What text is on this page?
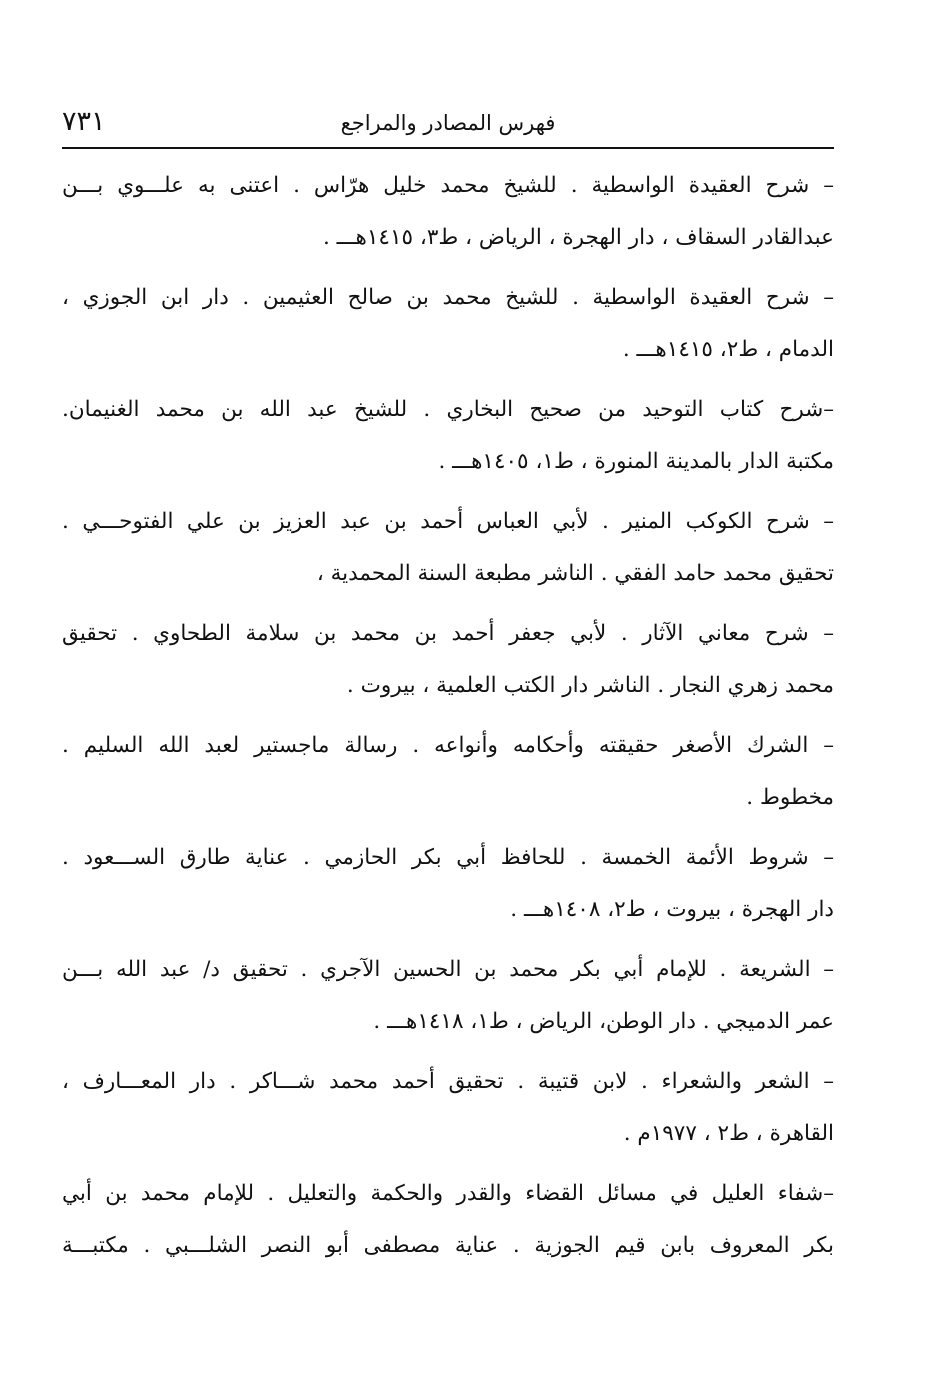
٧٣١	فهرس المصادر والمراجع
– شرح العقيدة الواسطية . للشيخ محمد خليل هرّاس . اعتنى به علـــوي بـــن
عبدالقادر السقاف ، دار الهجرة ، الرياض ، ط٣، ١٤١٥هـــ .
– شرح العقيدة الواسطية . للشيخ محمد بن صالح العثيمين . دار ابن الجوزي ،
الدمام ، ط٢، ١٤١٥هـــ .
–شرح كتاب التوحيد من صحيح البخاري . للشيخ عبد الله بن محمد الغنيمان.
مكتبة الدار بالمدينة المنورة ، ط١، ١٤٠٥هـــ .
– شرح الكوكب المنير . لأبي العباس أحمد بن عبد العزيز بن علي الفتوحـــي .
تحقيق محمد حامد الفقي . الناشر مطبعة السنة المحمدية ،
– شرح معاني الآثار . لأبي جعفر أحمد بن محمد بن سلامة الطحاوي . تحقيق
محمد زهري النجار . الناشر دار الكتب العلمية ، بيروت .
– الشرك الأصغر حقيقته وأحكامه وأنواعه . رسالة ماجستير لعبد الله السليم .
مخطوط .
– شروط الأئمة الخمسة . للحافظ أبي بكر الحازمي . عناية طارق الســـعود .
دار الهجرة ، بيروت ، ط٢، ١٤٠٨هـــ .
– الشريعة . للإمام أبي بكر محمد بن الحسين الآجري . تحقيق د/ عبد الله بـــن
عمر الدميجي . دار الوطن، الرياض ، ط١، ١٤١٨هـــ .
– الشعر والشعراء . لابن قتيبة . تحقيق أحمد محمد شـــاكر . دار المعـــارف ،
القاهرة ، ط٢ ، ١٩٧٧م .
–شفاء العليل في مسائل القضاء والقدر والحكمة والتعليل . للإمام محمد بن أبي
بكر المعروف بابن قيم الجوزية . عناية مصطفى أبو النصر الشلـــبي . مكتبـــة
